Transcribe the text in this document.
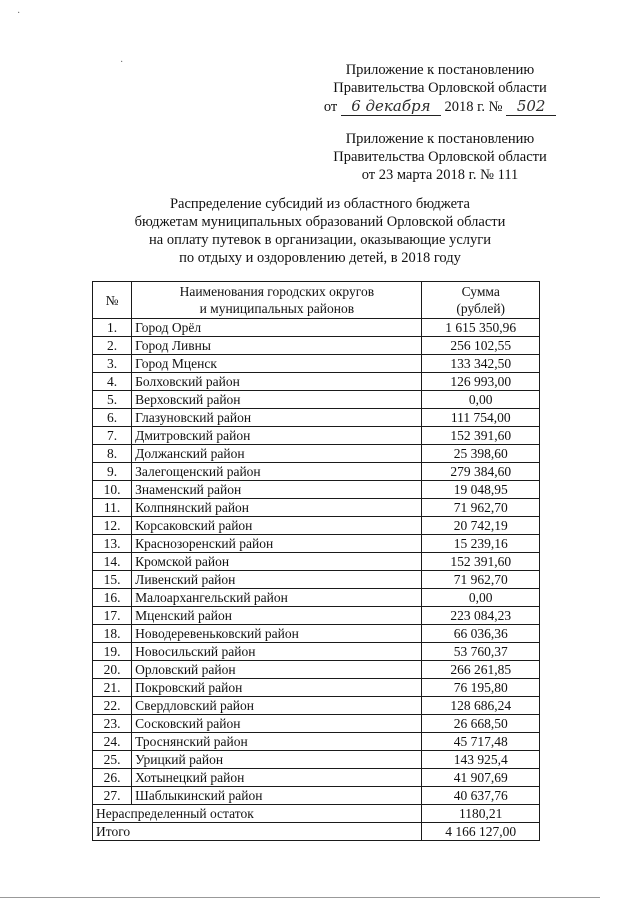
·
·	Приложение к постановлению
Правительства Орловской области
от 6 декабря 2018 г. № 502
Приложение к постановлению
Правительства Орловской области
от 23 марта 2018 г. № 111
Распределение субсидий из областного бюджета
бюджетам муниципальных образований Орловской области
на оплату путевок в организации, оказывающие услуги
по отдыху и оздоровлению детей, в 2018 году
№	Наименования городских округов
и муниципальных районов	Сумма
(рублей)
1.	Город Орёл	1 615 350,96
2.	Город Ливны	256 102,55
3.	Город Мценск	133 342,50
4.	Болховский район	126 993,00
5.	Верховский район	0,00
6.	Глазуновский район	111 754,00
7.	Дмитровский район	152 391,60
8.	Должанский район	25 398,60
9.	Залегощенский район	279 384,60
10.	Знаменский район	19 048,95
11.	Колпнянский район	71 962,70
12.	Корсаковский район	20 742,19
13.	Краснозоренский район	15 239,16
14.	Кромской район	152 391,60
15.	Ливенский район	71 962,70
16.	Малоархангельский район	0,00
17.	Мценский район	223 084,23
18.	Новодеревеньковский район	66 036,36
19.	Новосильский район	53 760,37
20.	Орловский район	266 261,85
21.	Покровский район	76 195,80
22.	Свердловский район	128 686,24
23.	Сосковский район	26 668,50
24.	Троснянский район	45 717,48
25.	Урицкий район	143 925,4
26.	Хотынецкий район	41 907,69
27.	Шаблыкинский район	40 637,76
Нераспределенный остаток		1180,21
Итого		4 166 127,00
